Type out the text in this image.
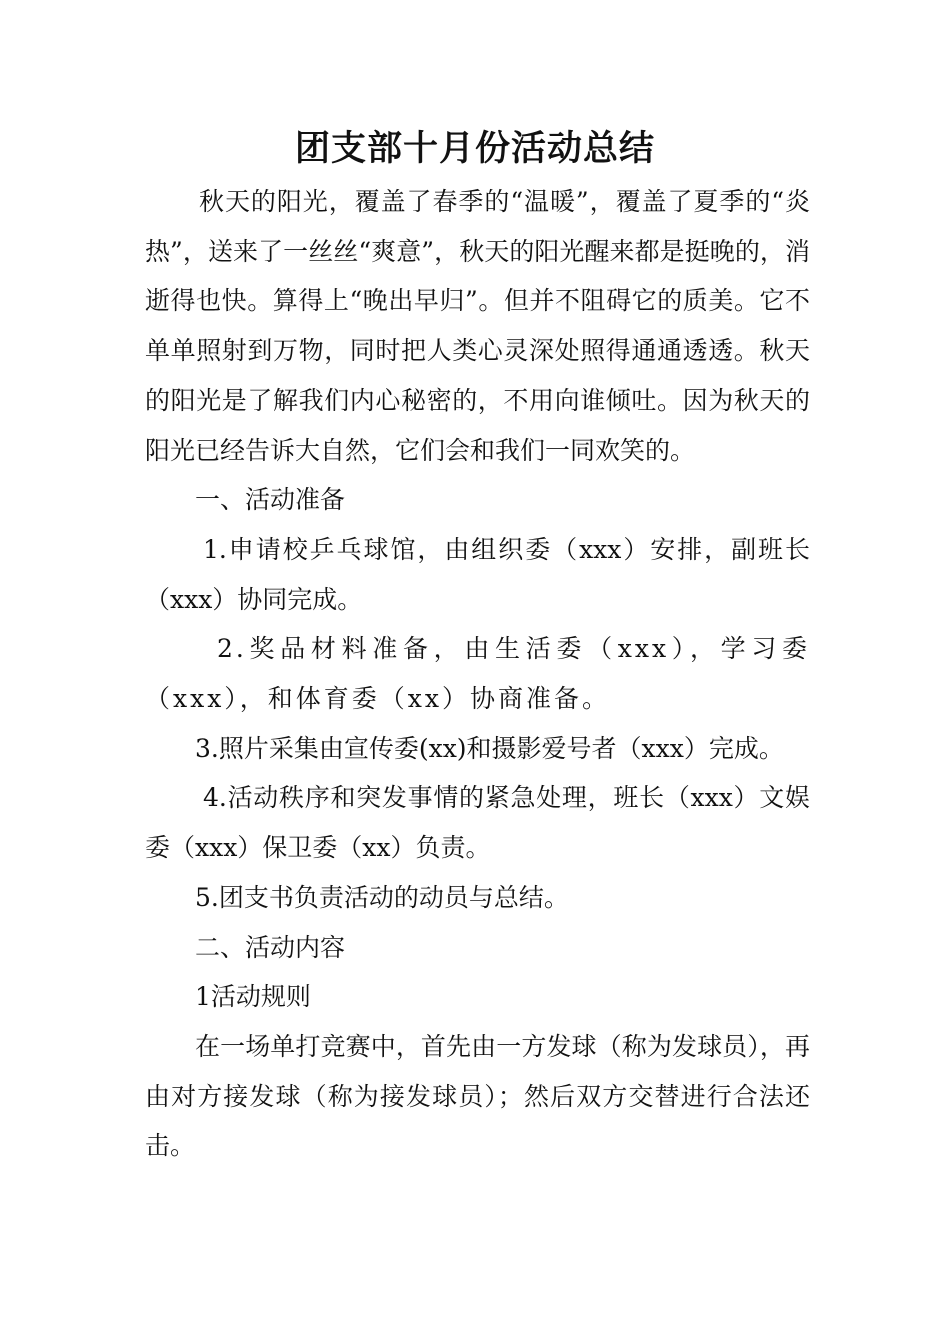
团支部十月份活动总结

秋天的阳光，覆盖了春季的“温暖”，覆盖了夏季的“炎热”，送来了一丝丝“爽意”，秋天的阳光醒来都是挺晚的，消逝得也快。算得上“晚出早归”。但并不阻碍它的质美。它不单单照射到万物，同时把人类心灵深处照得通通透透。秋天的阳光是了解我们内心秘密的，不用向谁倾吐。因为秋天的阳光已经告诉大自然，它们会和我们一同欢笑的。

一、活动准备

1.申请校乒乓球馆，由组织委（xxx）安排，副班长（xxx）协同完成。

2.奖品材料准备，由生活委（xxx），学习委（xxx），和体育委（xx）协商准备。

3.照片采集由宣传委(xx)和摄影爱号者（xxx）完成。

4.活动秩序和突发事情的紧急处理，班长（xxx）文娱委（xxx）保卫委（xx）负责。

5.团支书负责活动的动员与总结。

二、活动内容

1活动规则

在一场单打竞赛中，首先由一方发球（称为发球员），再由对方接发球（称为接发球员）；然后双方交替进行合法还击。
